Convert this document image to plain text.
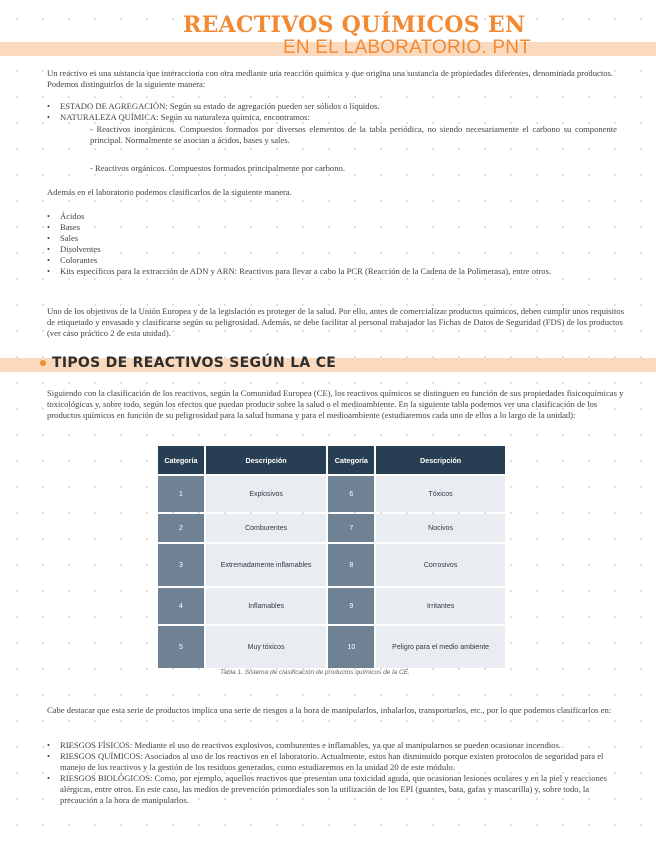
REACTIVOS QUÍMICOS EN
EN EL LABORATORIO. PNT
Un reactivo es una sustancia que interacciona con otra mediante una reacción química y que origina una sustancia de propiedades diferentes, denominada productos. Podemos distinguirlos de la siguiente manera:
• ESTADO DE AGREGACIÓN: Según su estado de agregación pueden ser sólidos o líquidos.
• NATURALEZA QUÍMICA: Según su naturaleza química, encontramos:
- Reactivos inorgánicos. Compuestos formados por diversos elementos de la tabla periódica, no siendo necesariamente el carbono su componente principal. Normalmente se asocian a ácidos, bases y sales.
- Reactivos orgánicos. Compuestos formados principalmente por carbono.
Además en el laboratorio podemos clasificarlos de la siguiente manera.
• Ácidos
• Bases
• Sales
• Disolventes
• Colorantes
• Kits específicos para la extracción de ADN y ARN: Reactivos para llevar a cabo la PCR (Reacción de la Cadena de la Polimerasa), entre otros.
Uno de los objetivos de la Unión Europea y de la legislación es proteger de la salud. Por ello, antes de comercializar productos químicos, deben cumplir unos requisitos de etiquetado y envasado y clasificarse según su peligrosidad. Además, se debe facilitar al personal trabajador las Fichas de Datos de Seguridad (FDS) de los productos (ver caso práctico 2 de esta unidad).
TIPOS DE REACTIVOS SEGÚN LA CE
Siguiendo con la clasificación de los reactivos, según la Comunidad Europea (CE), los reactivos químicos se distinguen en función de sus propiedades fisicoquímicas y toxicológicas y, sobre todo, según los efectos que puedan producir sobre la salud o el medioambiente. En la siguiente tabla podemos ver una clasificación de los productos químicos en función de su peligrosidad para la salud humana y para el medioambiente (estudiaremos cada uno de ellos a lo largo de la unidad):
Categoría	Descripción	Categoría	Descripción
1	Explosivos	6	Tóxicos
2	Comburentes	7	Nocivos
3	Extremadamente inflamables	8	Corrosivos
4	Inflamables	9	Irritantes
5	Muy tóxicos	10	Peligro para el medio ambiente
Tabla 1. Sistema de clasificación de productos químicos de la CE.
Cabe destacar que esta serie de productos implica una serie de riesgos a la hora de manipularlos, inhalarlos, transportarlos, etc., por lo que podemos clasificarlos en:
• RIESGOS FÍSICOS: Mediante el uso de reactivos explosivos, comburentes e inflamables, ya que al manipularnos se pueden ocasionar incendios.
• RIESGOS QUÍMICOS: Asociados al uso de los reactivos en el laboratorio. Actualmente, estos han disminuido porque existen protocolos de seguridad para el manejo de los reactivos y la gestión de los residuos generados, como estudiaremos en la unidad 20 de este módulo.
• RIESGOS BIOLÓGICOS: Como, por ejemplo, aquellos reactivos que presentan una toxicidad aguda, que ocasionan lesiones oculares y en la piel y reacciones alérgicas, entre otros. En este caso, las medios de prevención primordiales son la utilización de los EPI (guantes, bata, gafas y mascarilla) y, sobre todo, la precaución a la hora de manipularlos.
